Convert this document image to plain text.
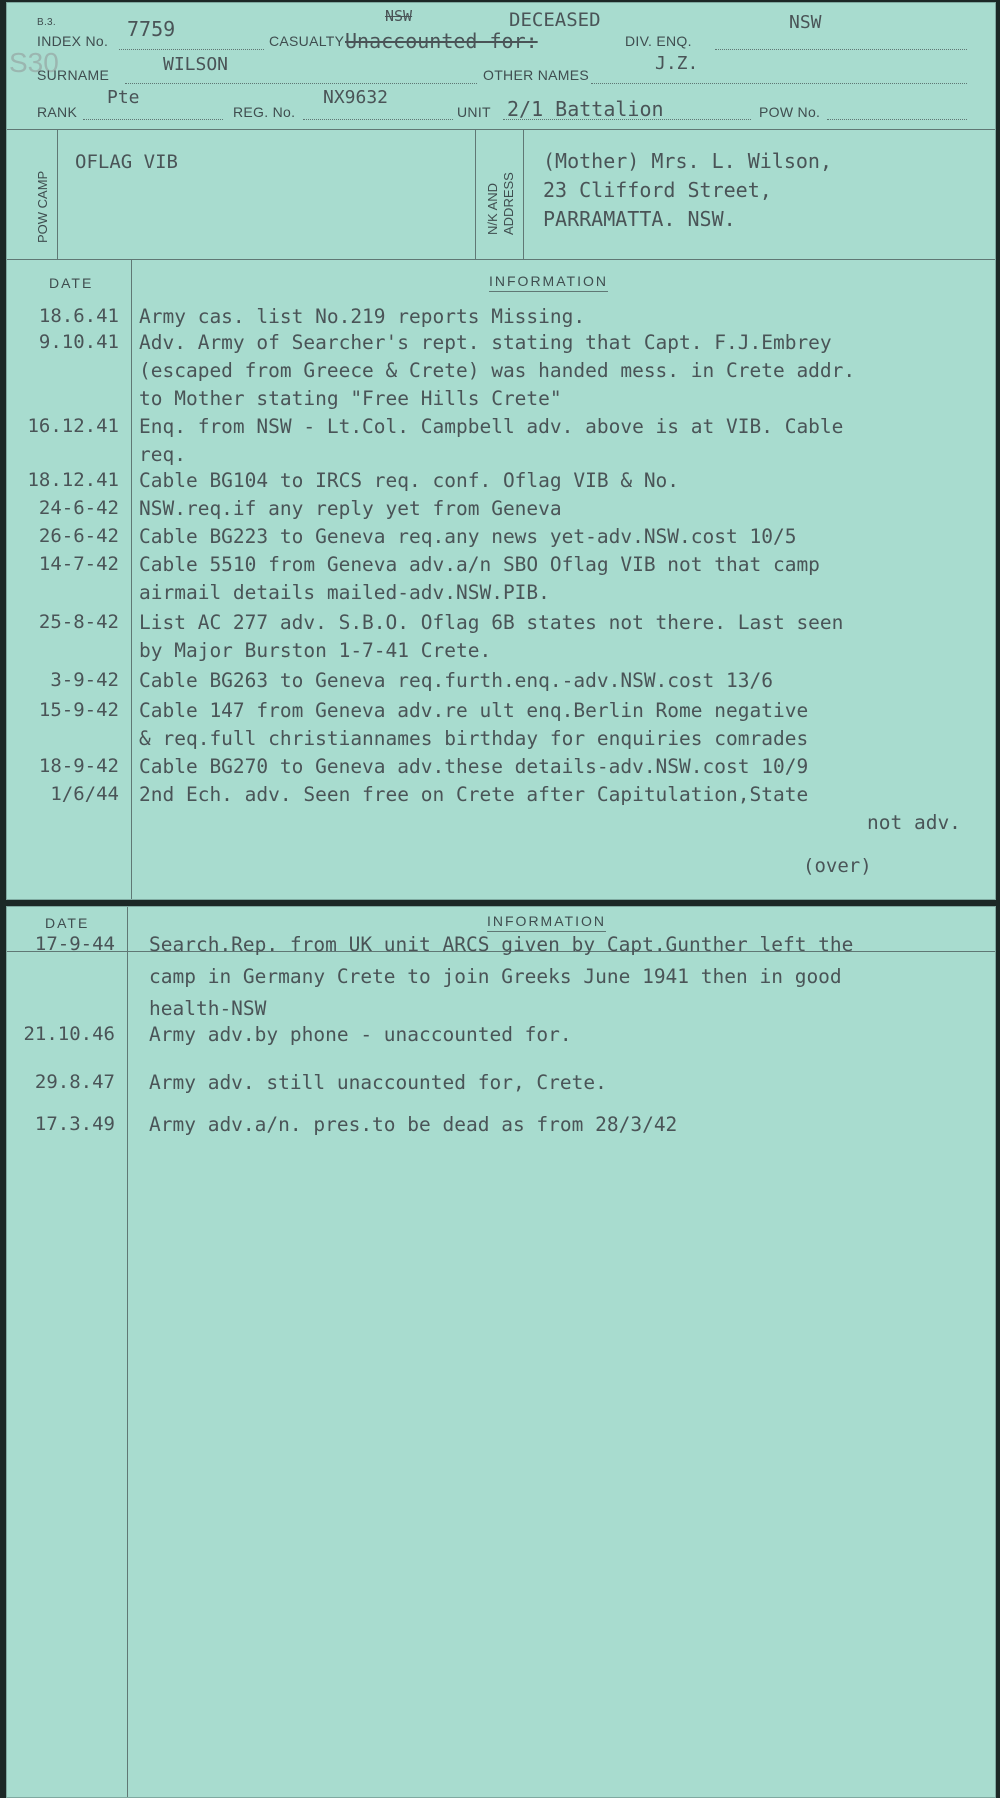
B.3.
S30
INDEX No. 7759	CASUALTY
NSW	DECEASED
Unaccounted for:	DIV. ENQ.
NSW
SURNAME	WILSON	OTHER NAMES
J.Z.
RANK
Pte
REG. No.
NX9632
UNIT 2/1 Battalion	POW No.
POW CAMP
OFLAG VIB
N/K AND ADDRESS
(Mother) Mrs. L. Wilson,
23 Clifford Street,
PARRAMATTA. NSW.
DATE	INFORMATION
18.6.41 Army cas. list No.219 reports Missing.
9.10.41 Adv. Army of Searcher's rept. stating that Capt. F.J.Embrey
(escaped from Greece & Crete) was handed mess. in Crete addr.
to Mother stating "Free Hills Crete"
16.12.41 Enq. from NSW - Lt.Col. Campbell adv. above is at VIB. Cable
req.
18.12.41 Cable BG104 to IRCS req. conf. Oflag VIB & No.
24-6-42 NSW.req.if any reply yet from Geneva
26-6-42 Cable BG223 to Geneva req.any news yet-adv.NSW.cost 10/5
14-7-42 Cable 5510 from Geneva adv.a/n SBO Oflag VIB not that camp
airmail details mailed-adv.NSW.PIB.
25-8-42 List AC 277 adv. S.B.O. Oflag 6B states not there. Last seen
by Major Burston 1-7-41 Crete.
3-9-42 Cable BG263 to Geneva req.furth.enq.-adv.NSW.cost 13/6
15-9-42 Cable 147 from Geneva adv.re ult enq.Berlin Rome negative
& req.full christiannames birthday for enquiries comrades
18-9-42 Cable BG270 to Geneva adv.these details-adv.NSW.cost 10/9
1/6/44 2nd Ech. adv. Seen free on Crete after Capitulation,State
not adv.
(over)
DATE	INFORMATION
17-9-44 Search.Rep. from UK unit ARCS given by Capt.Gunther left the
camp in Germany Crete to join Greeks June 1941 then in good
health-NSW
21.10.46 Army adv.by phone - unaccounted for.
29.8.47 Army adv. still unaccounted for, Crete.
17.3.49 Army adv.a/n. pres.to be dead as from 28/3/42
